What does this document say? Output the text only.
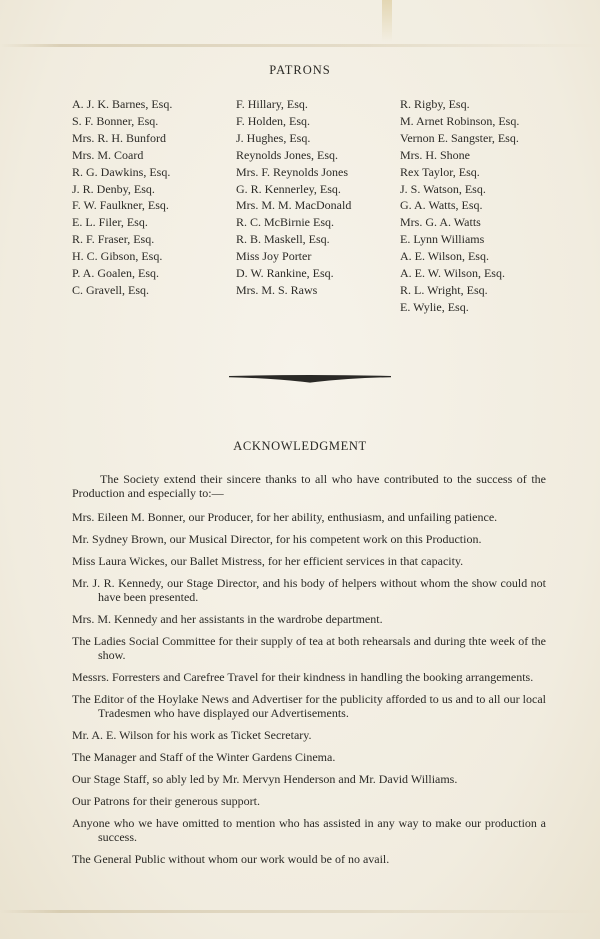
PATRONS
A. J. K. Barnes, Esq.
S. F. Bonner, Esq.
Mrs. R. H. Bunford
Mrs. M. Coard
R. G. Dawkins, Esq.
J. R. Denby, Esq.
F. W. Faulkner, Esq.
E. L. Filer, Esq.
R. F. Fraser, Esq.
H. C. Gibson, Esq.
P. A. Goalen, Esq.
C. Gravell, Esq.
F. Hillary, Esq.
F. Holden, Esq.
J. Hughes, Esq.
Reynolds Jones, Esq.
Mrs. F. Reynolds Jones
G. R. Kennerley, Esq.
Mrs. M. M. MacDonald
R. C. McBirnie Esq.
R. B. Maskell, Esq.
Miss Joy Porter
D. W. Rankine, Esq.
Mrs. M. S. Raws
R. Rigby, Esq.
M. Arnet Robinson, Esq.
Vernon E. Sangster, Esq.
Mrs. H. Shone
Rex Taylor, Esq.
J. S. Watson, Esq.
G. A. Watts, Esq.
Mrs. G. A. Watts
E. Lynn Williams
A. E. Wilson, Esq.
A. E. W. Wilson, Esq.
R. L. Wright, Esq.
E. Wylie, Esq.
ACKNOWLEDGMENT

The Society extend their sincere thanks to all who have contributed to the success of the Production and especially to:—

Mrs. Eileen M. Bonner, our Producer, for her ability, enthusiasm, and unfailing patience.

Mr. Sydney Brown, our Musical Director, for his competent work on this Production.

Miss Laura Wickes, our Ballet Mistress, for her efficient services in that capacity.

Mr. J. R. Kennedy, our Stage Director, and his body of helpers without whom the show could not have been presented.

Mrs. M. Kennedy and her assistants in the wardrobe department.

The Ladies Social Committee for their supply of tea at both rehearsals and during thte week of the show.

Messrs. Forresters and Carefree Travel for their kindness in handling the booking arrangements.

The Editor of the Hoylake News and Advertiser for the publicity afforded to us and to all our local Tradesmen who have displayed our Advertisements.

Mr. A. E. Wilson for his work as Ticket Secretary.

The Manager and Staff of the Winter Gardens Cinema.

Our Stage Staff, so ably led by Mr. Mervyn Henderson and Mr. David Williams.

Our Patrons for their generous support.

Anyone who we have omitted to mention who has assisted in any way to make our production a success.

The General Public without whom our work would be of no avail.
